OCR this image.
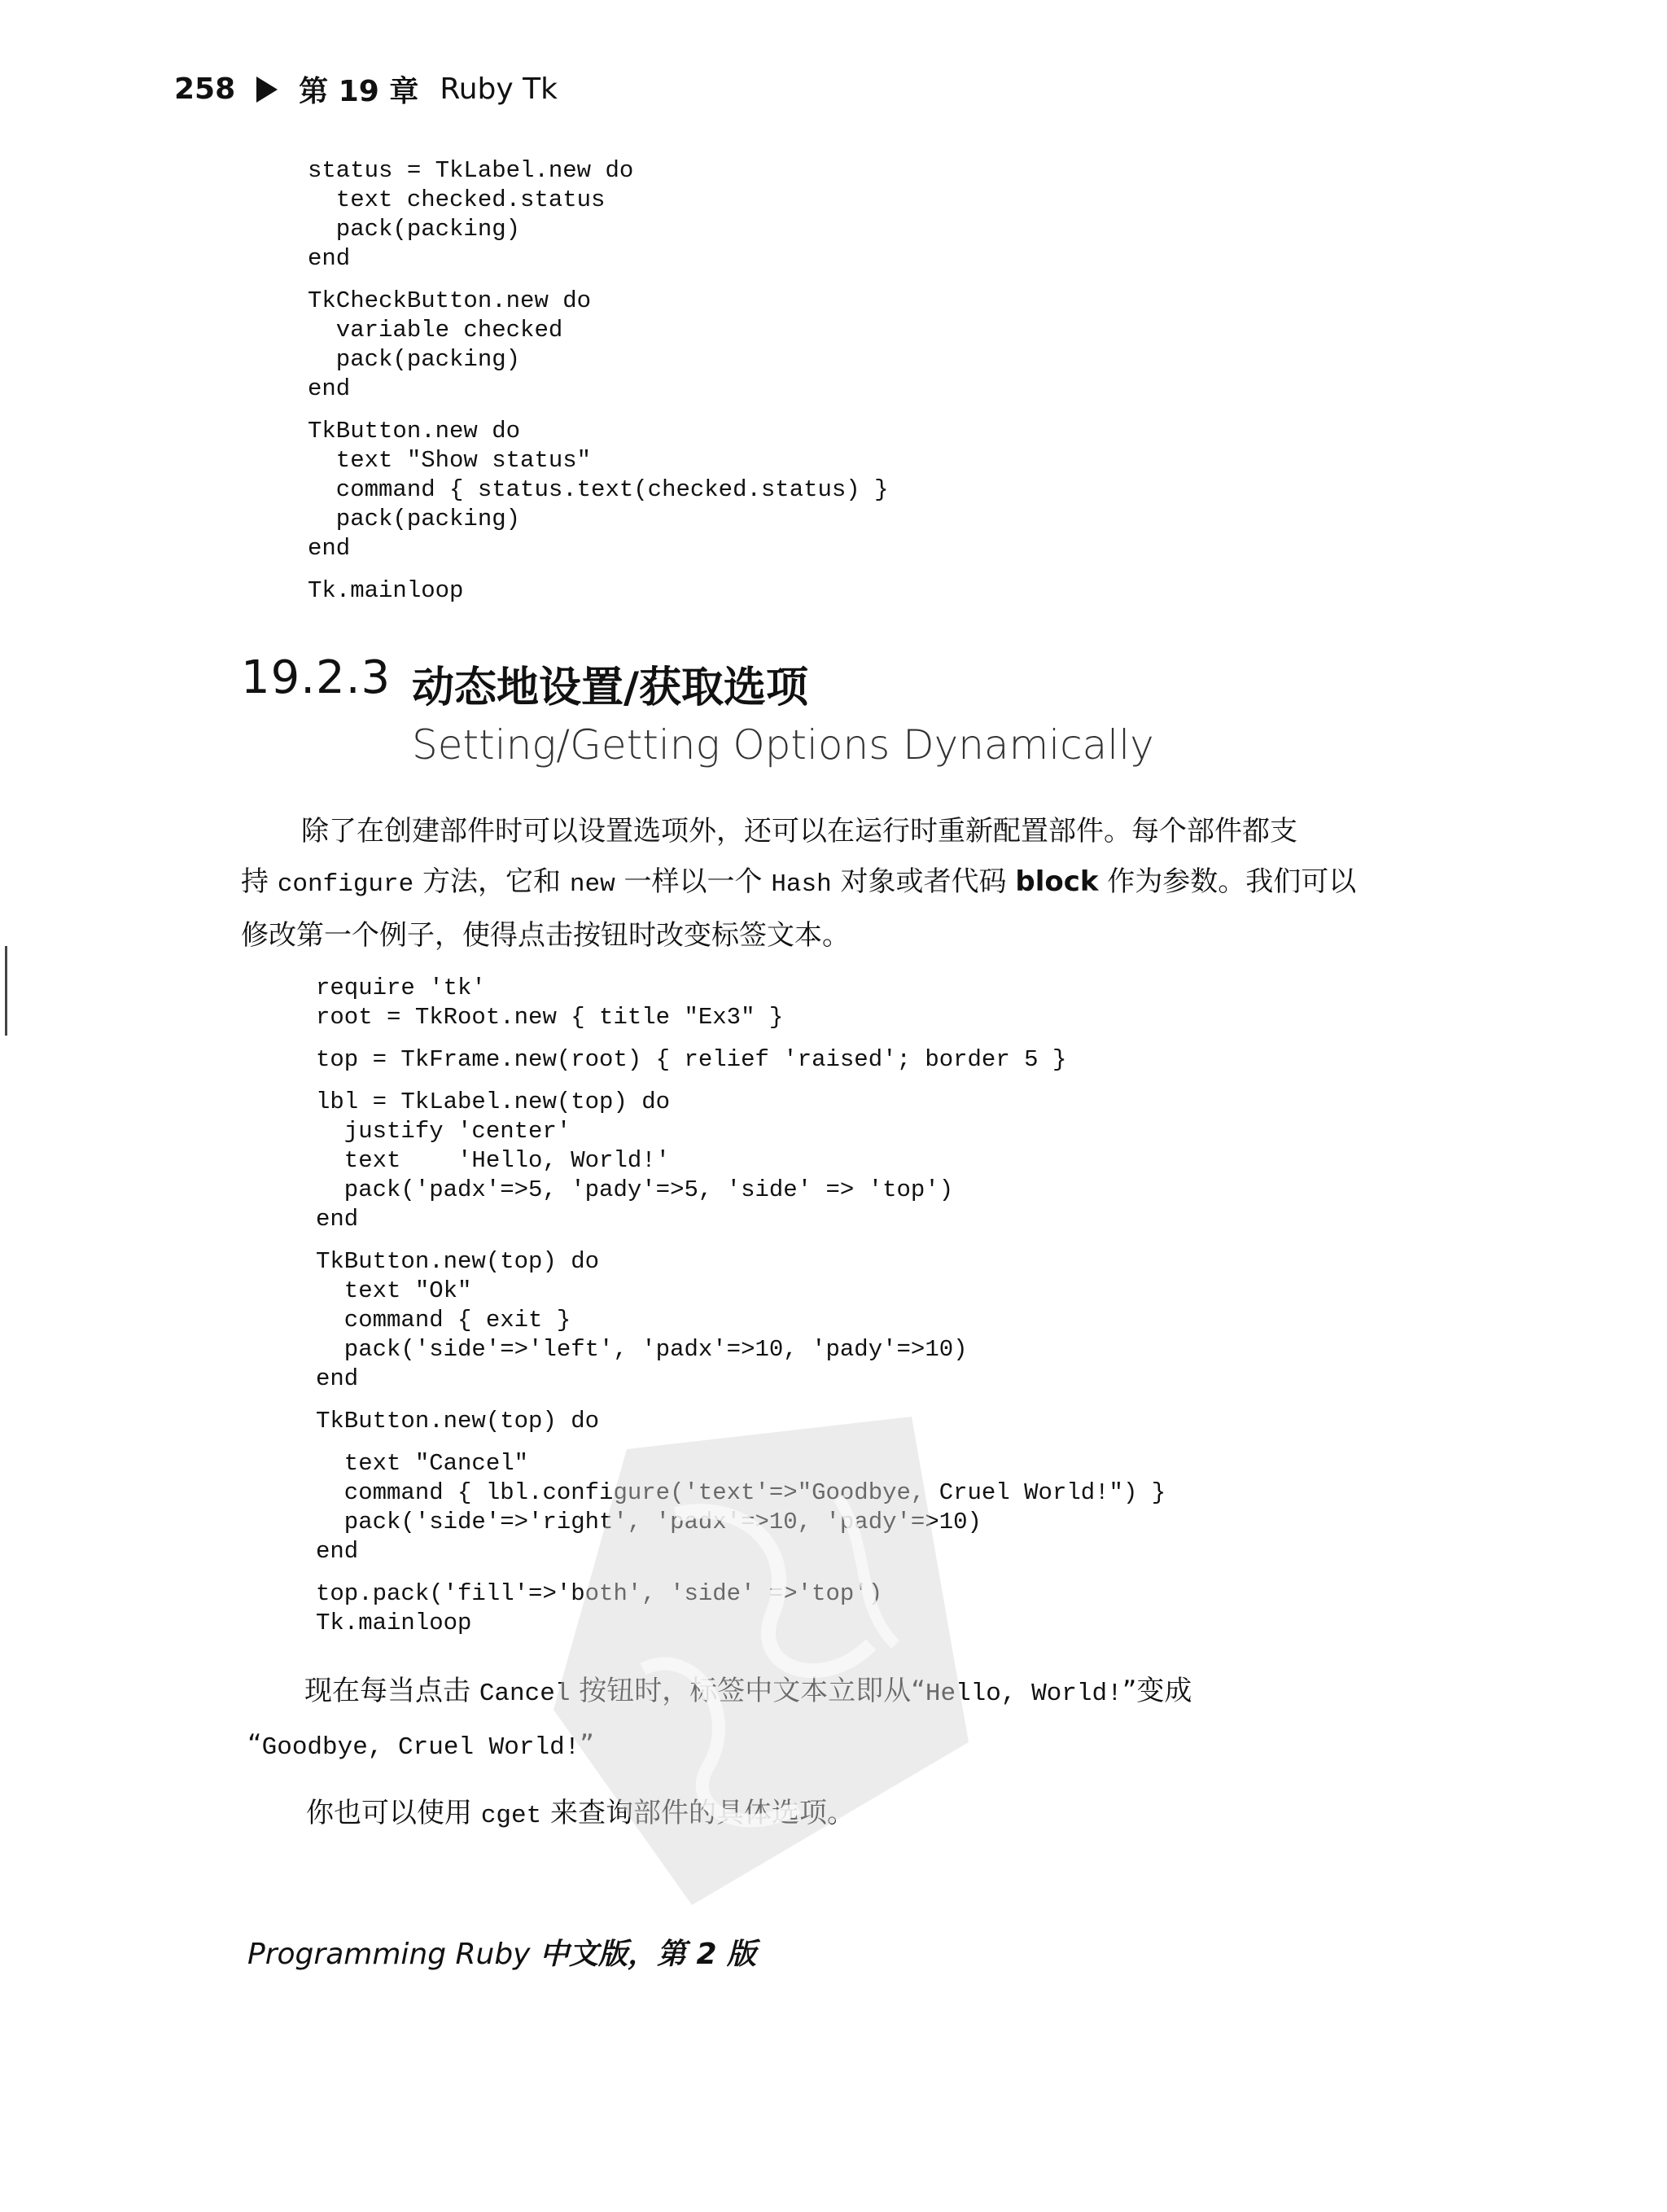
258 第 19 章 Ruby Tk
status = TkLabel.new do
text checked.status
pack(packing)
end
TkCheckButton.new do
variable checked
pack(packing)
end
TkButton.new do
text "Show status"
command { status.text(checked.status) }
pack(packing)
end
Tk.mainloop
19.2.3 动态地设置/获取选项
Setting/Getting Options Dynamically
除了在创建部件时可以设置选项外，还可以在运行时重新配置部件。每个部件都支
持 configure 方法，它和 new 一样以一个 Hash 对象或者代码 block 作为参数。我们可以
修改第一个例子，使得点击按钮时改变标签文本。
require 'tk'
root = TkRoot.new { title "Ex3" }
top = TkFrame.new(root) { relief 'raised'; border 5 }
lbl = TkLabel.new(top) do
justify 'center'
text    'Hello, World!'
pack('padx'=>5, 'pady'=>5, 'side' => 'top')
end
TkButton.new(top) do
text "Ok"
command { exit }
pack('side'=>'left', 'padx'=>10, 'pady'=>10)
end
TkButton.new(top) do
text "Cancel"
command { lbl.configure('text'=>"Goodbye, Cruel World!") }
pack('side'=>'right', 'padx'=>10, 'pady'=>10)
end
top.pack('fill'=>'both', 'side' =>'top')
Tk.mainloop
现在每当点击 Cancel 按钮时，标签中文本立即从“Hello, World!”变成
“Goodbye, Cruel World!”
你也可以使用 cget 来查询部件的具体选项。
Programming Ruby 中文版，第 2 版
